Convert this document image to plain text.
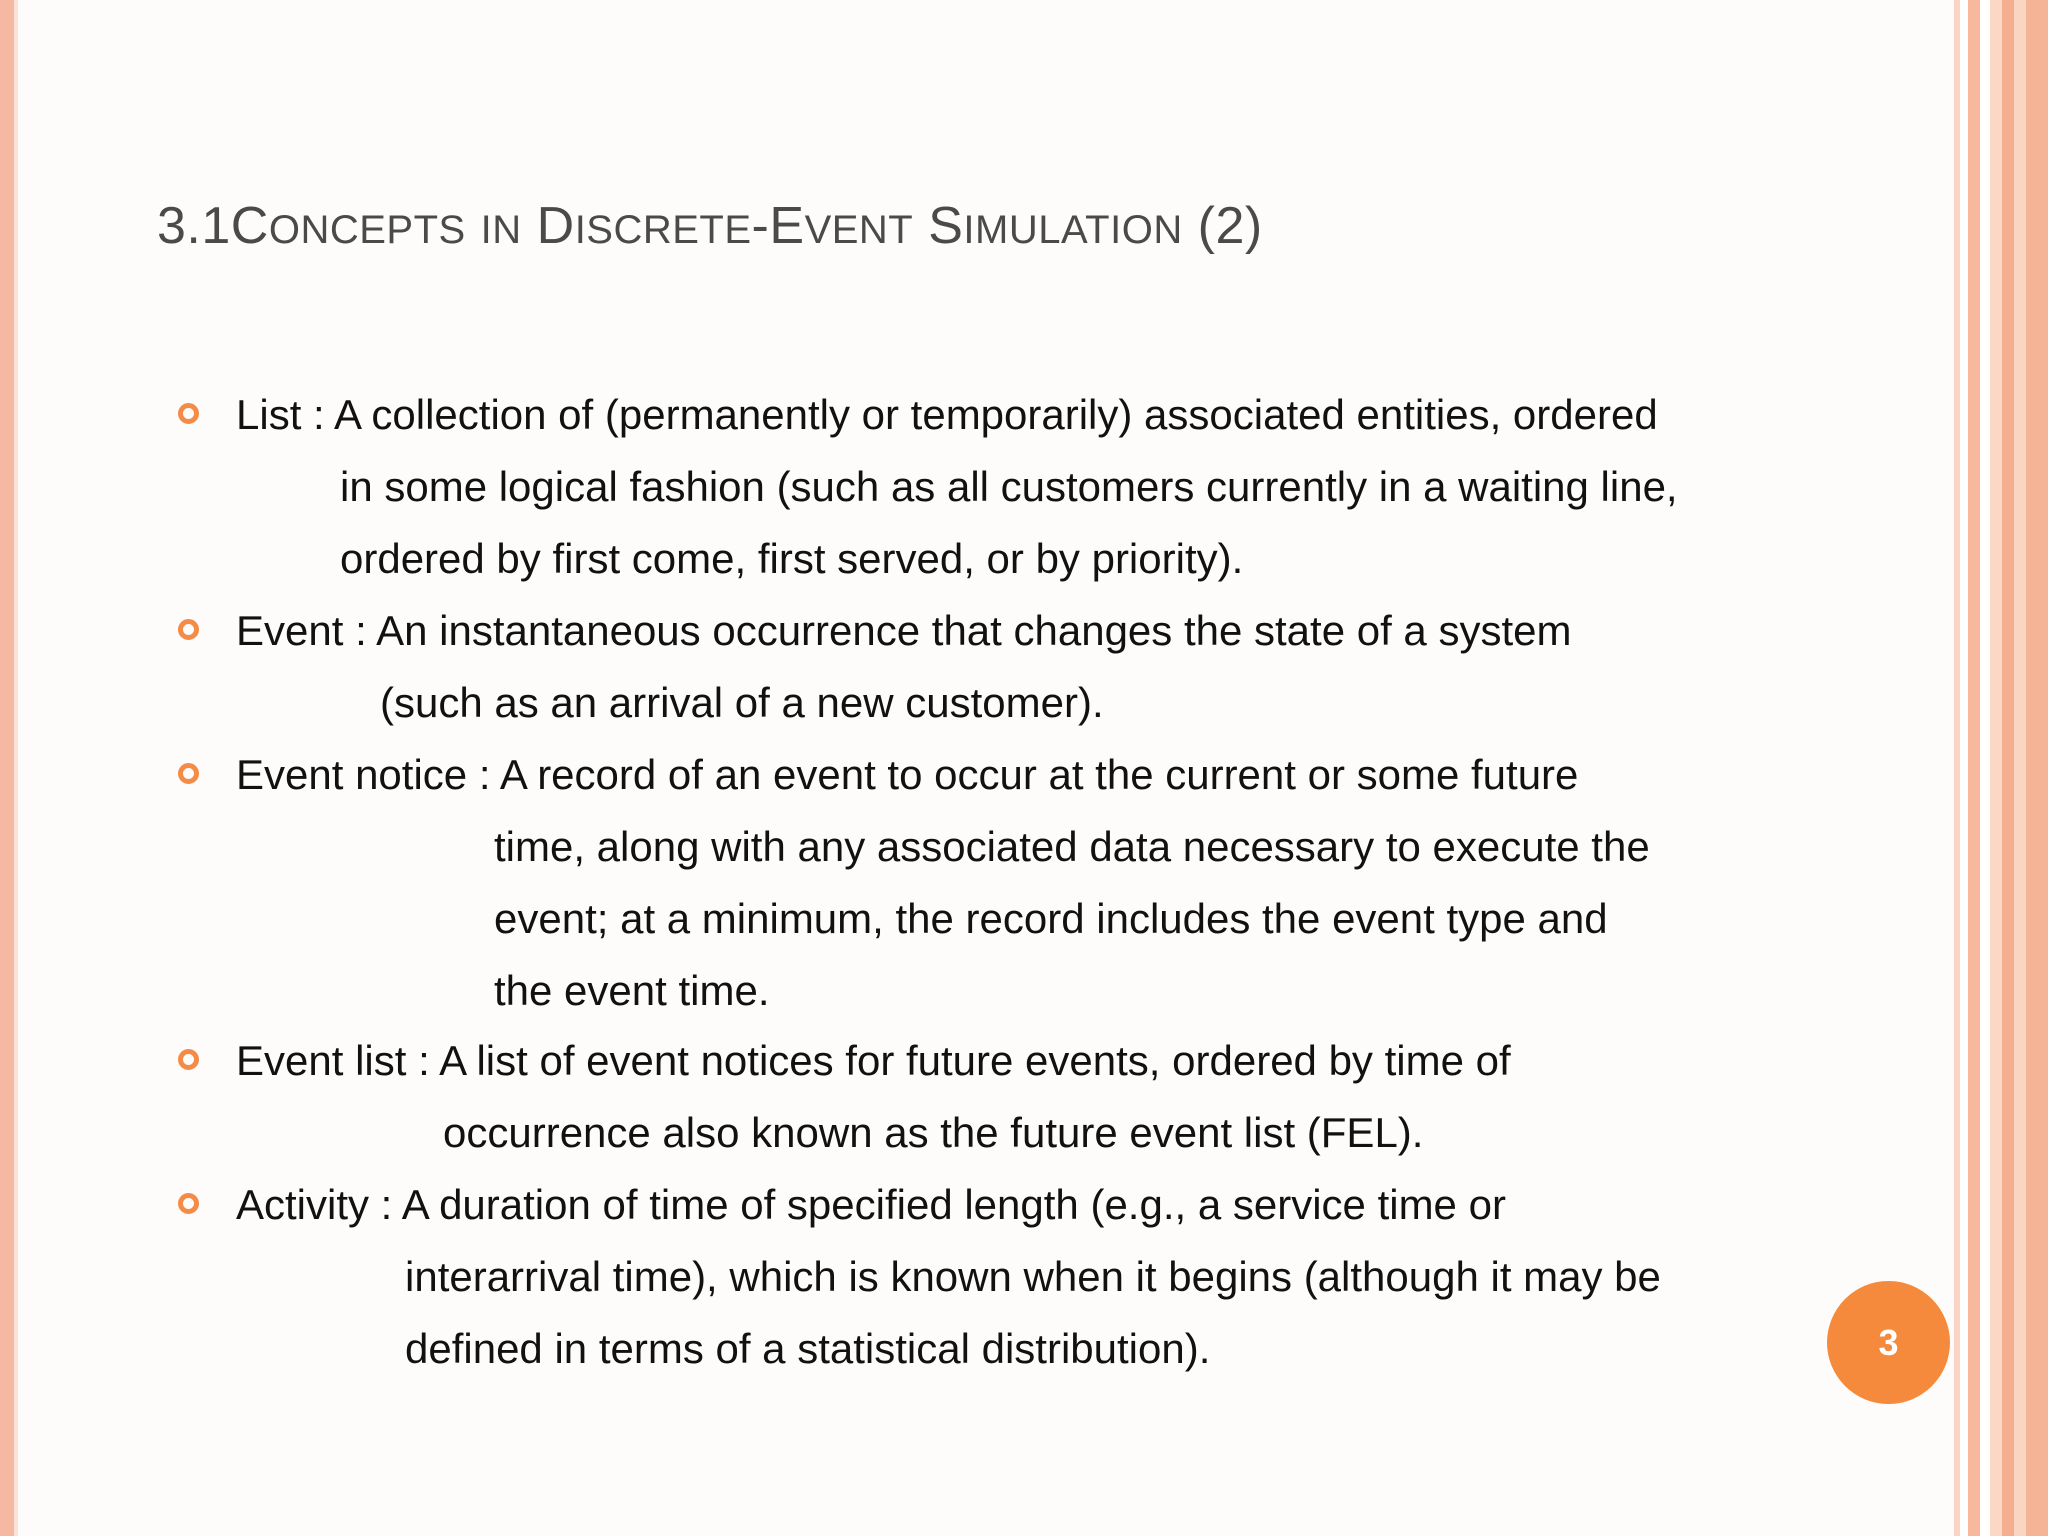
3.1CONCEPTS IN DISCRETE-EVENT SIMULATION (2)
List : A collection of (permanently or temporarily) associated entities, ordered
in some logical fashion (such as all customers currently in a waiting line,
ordered by first come, first served, or by priority).
Event : An instantaneous occurrence that changes the state of a system
(such as an arrival of a new customer).
Event notice : A record of an event to occur at the current or some future
time, along with any associated data necessary to execute the
event; at a minimum, the record includes the event type and
the event time.
Event list : A list of event notices for future events, ordered by time of
occurrence also known as the future event list (FEL).
Activity : A duration of time of specified length (e.g., a service time or
interarrival time), which is known when it begins (although it may be
defined in terms of a statistical distribution).	3
